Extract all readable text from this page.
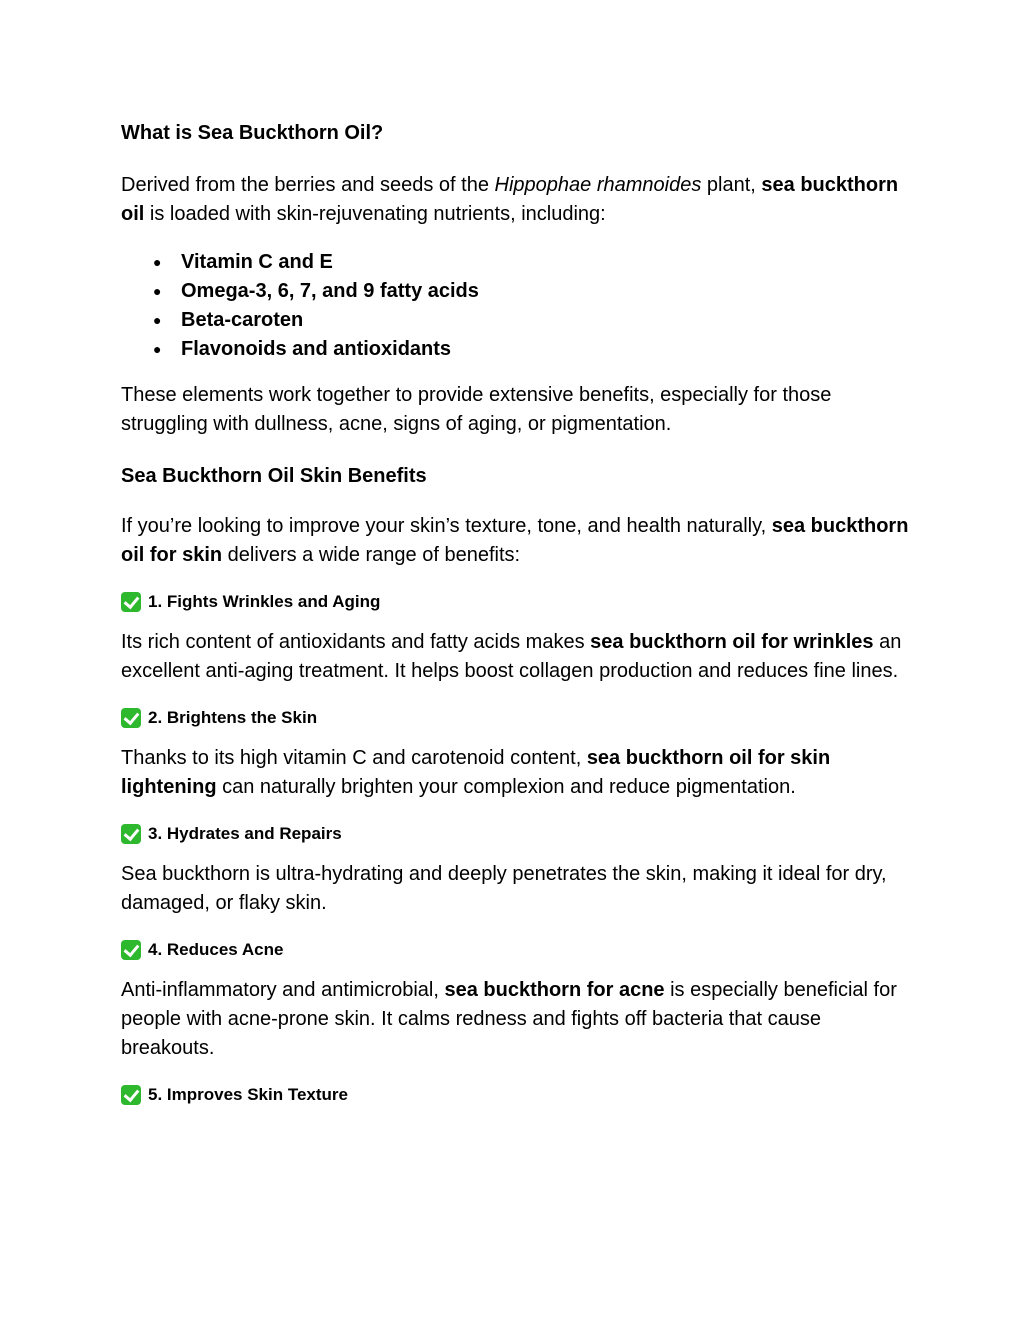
What is Sea Buckthorn Oil?

Derived from the berries and seeds of the Hippophae rhamnoides plant, sea buckthorn oil is loaded with skin-rejuvenating nutrients, including:

● Vitamin C and E
● Omega-3, 6, 7, and 9 fatty acids
● Beta-caroten
● Flavonoids and antioxidants

These elements work together to provide extensive benefits, especially for those struggling with dullness, acne, signs of aging, or pigmentation.

Sea Buckthorn Oil Skin Benefits

If you’re looking to improve your skin’s texture, tone, and health naturally, sea buckthorn oil for skin delivers a wide range of benefits:

1. Fights Wrinkles and Aging

Its rich content of antioxidants and fatty acids makes sea buckthorn oil for wrinkles an excellent anti-aging treatment. It helps boost collagen production and reduces fine lines.

2. Brightens the Skin

Thanks to its high vitamin C and carotenoid content, sea buckthorn oil for skin lightening can naturally brighten your complexion and reduce pigmentation.

3. Hydrates and Repairs

Sea buckthorn is ultra-hydrating and deeply penetrates the skin, making it ideal for dry, damaged, or flaky skin.

4. Reduces Acne

Anti-inflammatory and antimicrobial, sea buckthorn for acne is especially beneficial for people with acne-prone skin. It calms redness and fights off bacteria that cause breakouts.

5. Improves Skin Texture
